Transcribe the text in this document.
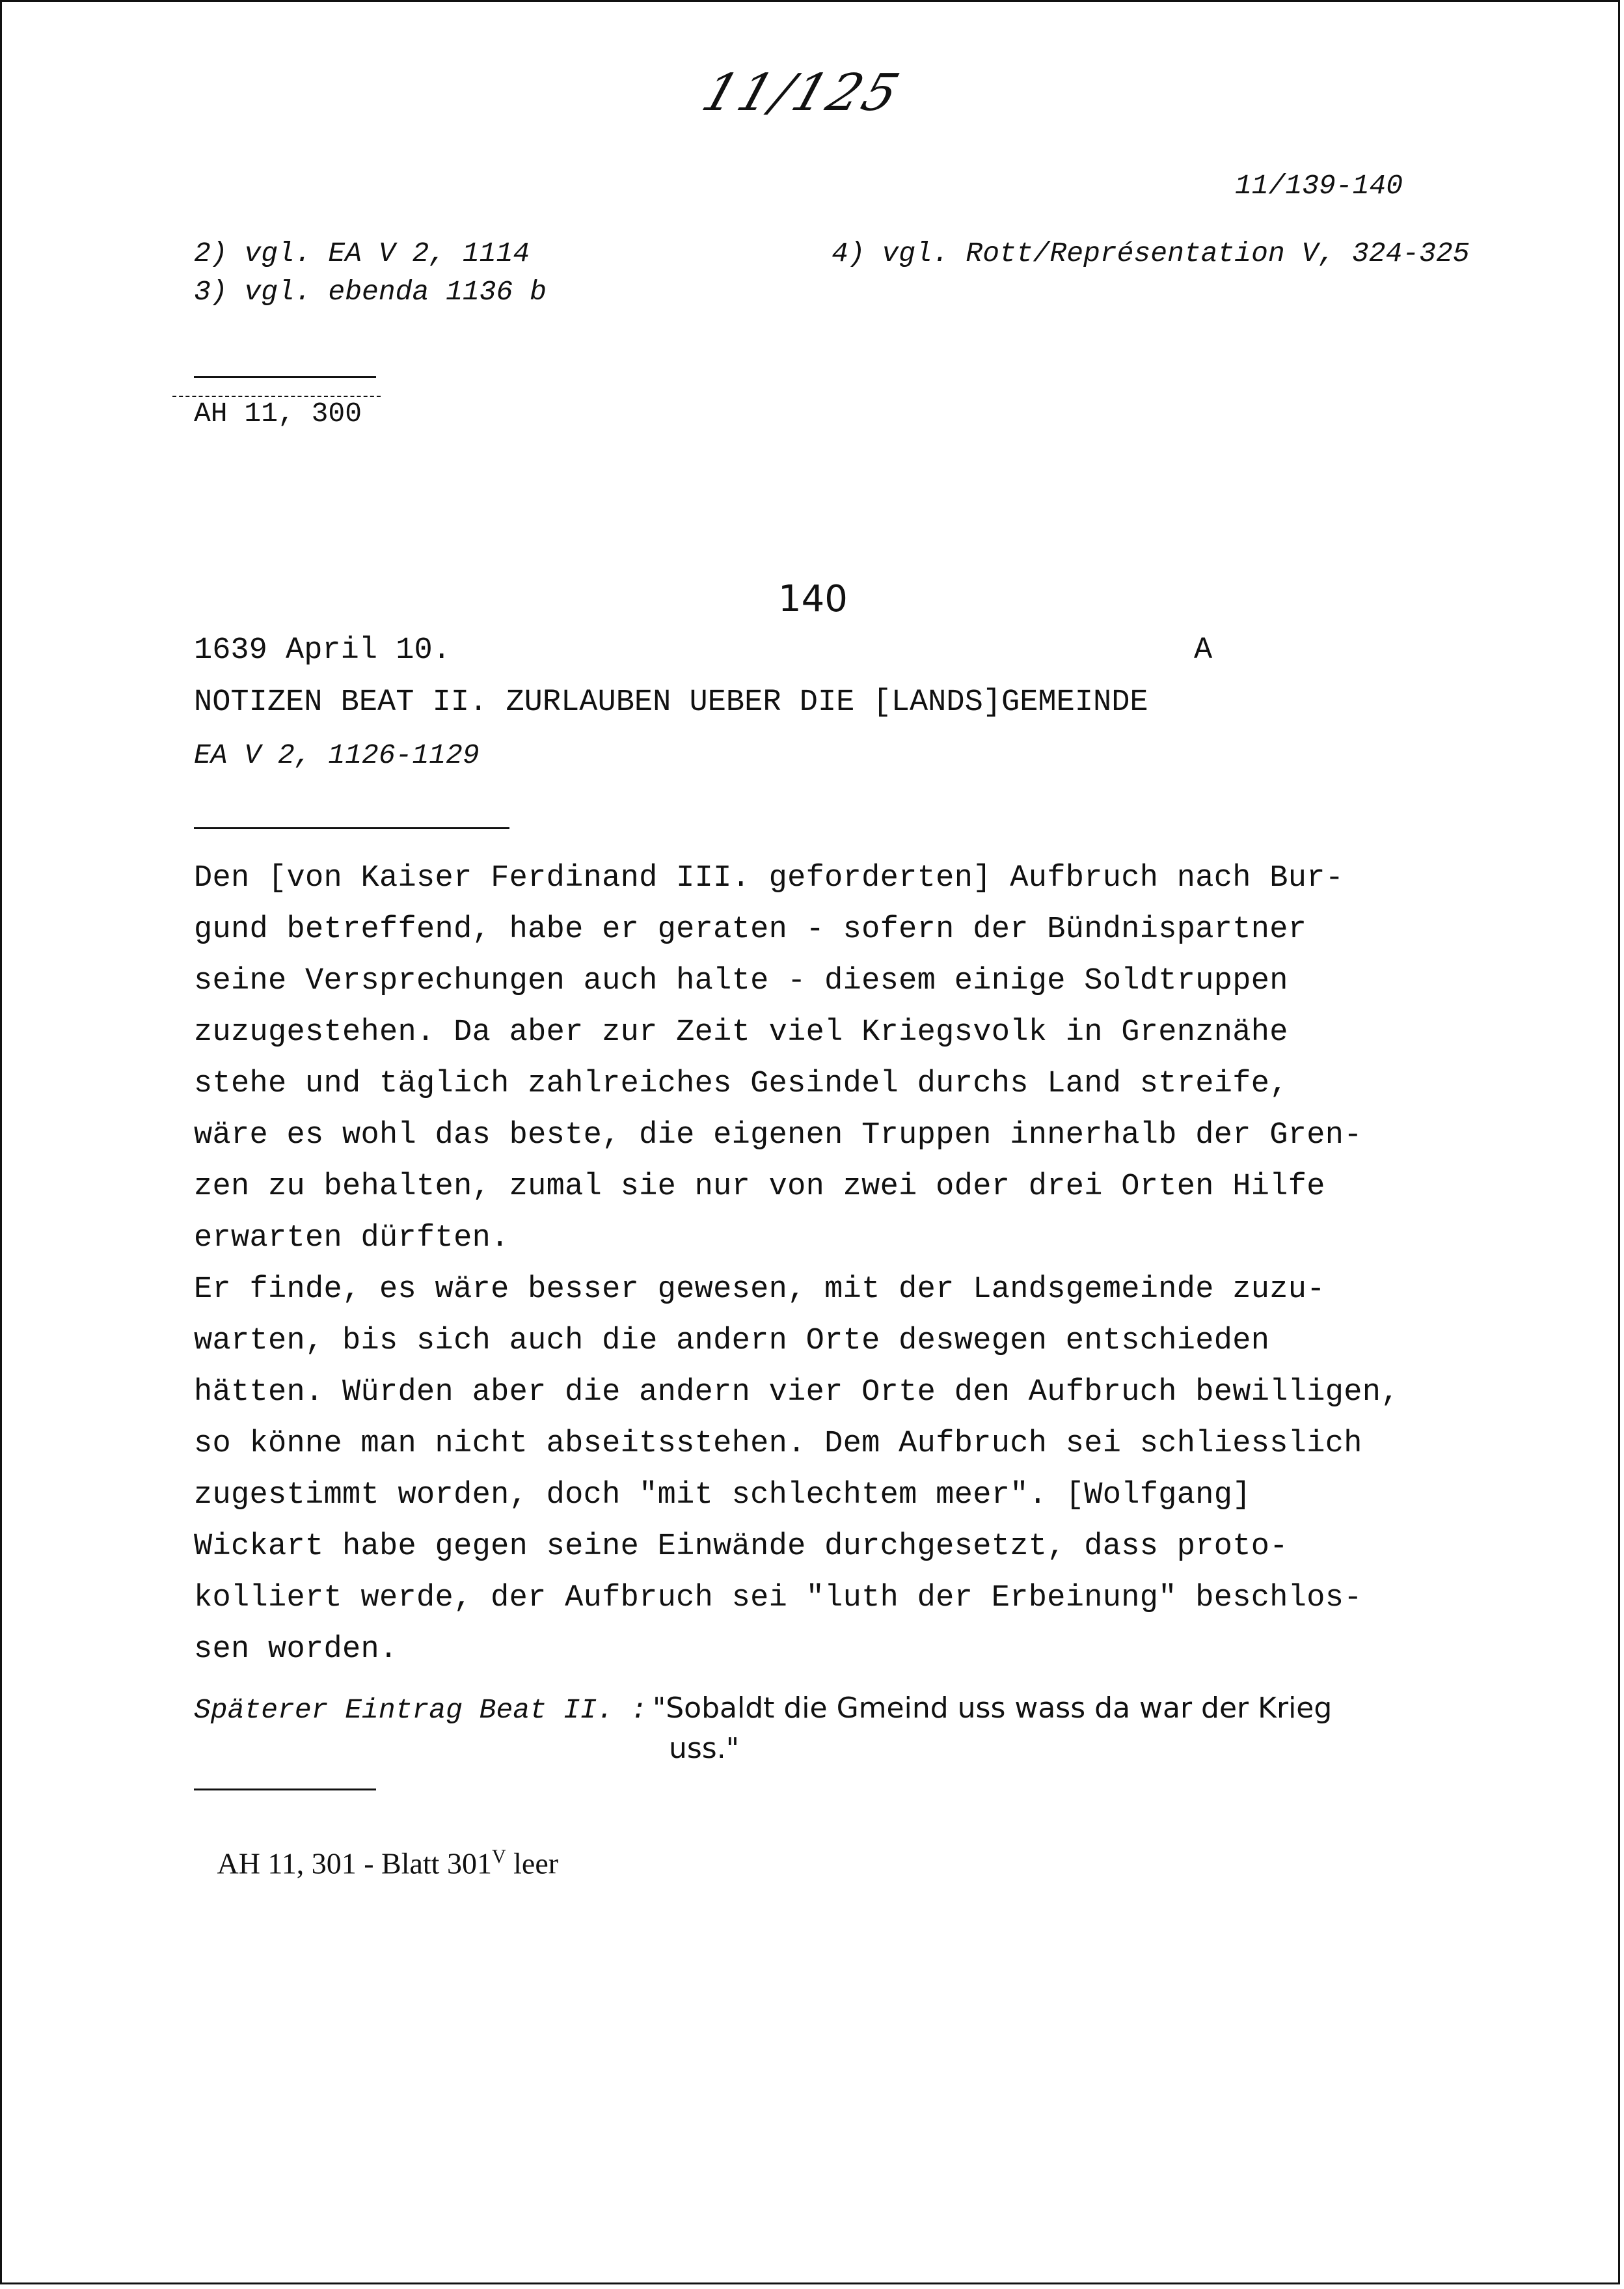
11/125
11/139-140
2) vgl. EA V 2, 1114
3) vgl. ebenda 1136 b
4) vgl. Rott/Représentation V, 324-325
AH 11, 300
140
1639 April 10.	A
NOTIZEN BEAT II. ZURLAUBEN UEBER DIE [LANDS]GEMEINDE
EA V 2, 1126-1129
Den [von Kaiser Ferdinand III. geforderten] Aufbruch nach Bur-
gund betreffend, habe er geraten - sofern der Bündnispartner
seine Versprechungen auch halte - diesem einige Soldtruppen
zuzugestehen. Da aber zur Zeit viel Kriegsvolk in Grenznähe
stehe und täglich zahlreiches Gesindel durchs Land streife,
wäre es wohl das beste, die eigenen Truppen innerhalb der Gren-
zen zu behalten, zumal sie nur von zwei oder drei Orten Hilfe
erwarten dürften.
Er finde, es wäre besser gewesen, mit der Landsgemeinde zuzu-
warten, bis sich auch die andern Orte deswegen entschieden
hätten. Würden aber die andern vier Orte den Aufbruch bewilligen,
so könne man nicht abseitsstehen. Dem Aufbruch sei schliesslich
zugestimmt worden, doch "mit schlechtem meer". [Wolfgang]
Wickart habe gegen seine Einwände durchgesetzt, dass proto-
kolliert werde, der Aufbruch sei "luth der Erbeinung" beschlos-
sen worden.
Späterer Eintrag Beat II. : "Sobaldt die Gmeind uss wass da war der Krieg
uss."

AH 11, 301 - Blatt $301^V$ leer
